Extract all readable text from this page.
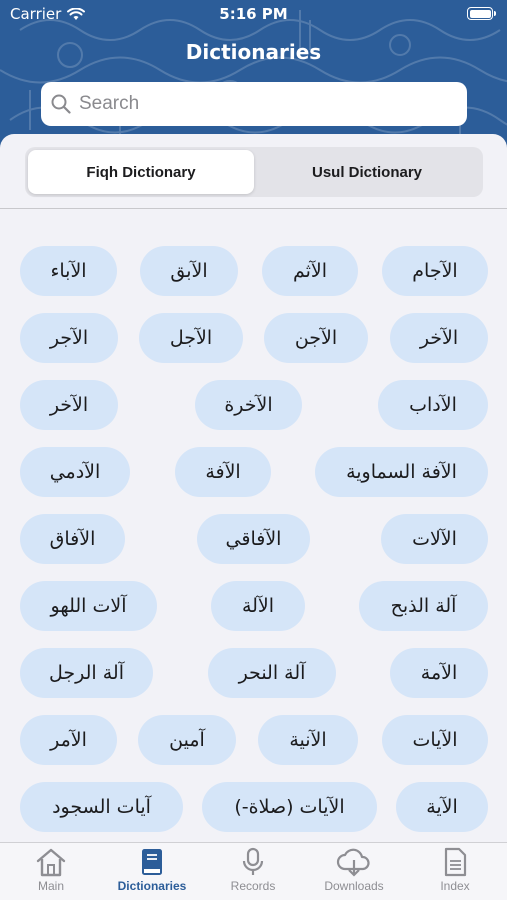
Carrier	5:16 PM
Dictionaries
Search
Fiqh Dictionary	Usul Dictionary
الآجام
الآثم
الآبق
الآباء
الآخر
الآجن
الآجل
الآجر
الآداب
الآخرة
الآخر
الآفة السماوية
الآفة
الآدمي
الآلات
الآفاقي
الآفاق
آلة الذبح
الآلة
آلات اللهو
الآمة
آلة النحر
آلة الرجل
الآيات
الآنية
آمين
الآمر
الآية
الآيات (صلاة-)
آيات السجود
Main	Dictionaries	Records	Downloads	Index
